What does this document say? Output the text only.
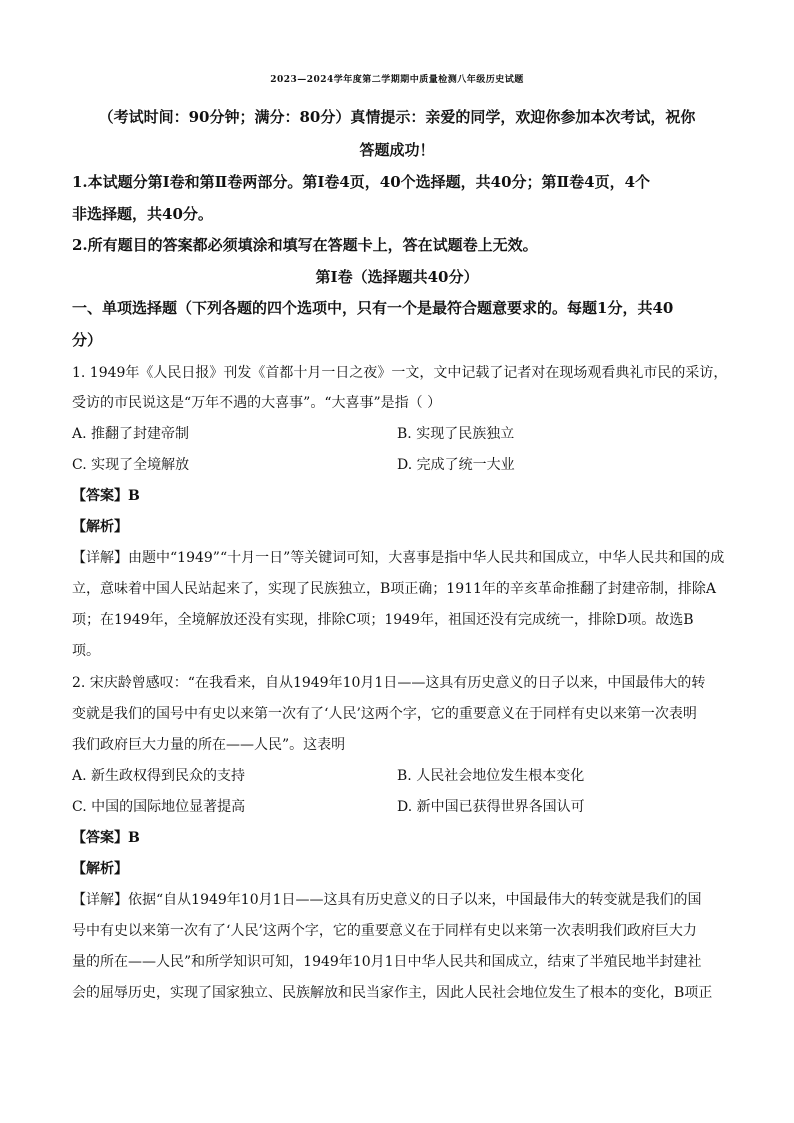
2023—2024学年度第二学期期中质量检测八年级历史试题
（考试时间：90分钟；满分：80分）真情提示：亲爱的同学，欢迎你参加本次考试，祝你
答题成功！
1.本试题分第Ⅰ卷和第Ⅱ卷两部分。第Ⅰ卷4页，40个选择题，共40分；第Ⅱ卷4页，4个
非选择题，共40分。
2.所有题目的答案都必须填涂和填写在答题卡上，答在试题卷上无效。
第Ⅰ卷（选择题共40分）
一、单项选择题（下列各题的四个选项中，只有一个是最符合题意要求的。每题1分，共40
分）
1. 1949年《人民日报》刊发《首都十月一日之夜》一文，文中记载了记者对在现场观看典礼市民的采访，
受访的市民说这是“万年不遇的大喜事”。“大喜事”是指（ ）
A. 推翻了封建帝制	B. 实现了民族独立
C. 实现了全境解放	D. 完成了统一大业
【答案】B
【解析】
【详解】由题中“1949”“十月一日”等关键词可知，大喜事是指中华人民共和国成立，中华人民共和国的成
立，意味着中国人民站起来了，实现了民族独立，B项正确；1911年的辛亥革命推翻了封建帝制，排除A
项；在1949年，全境解放还没有实现，排除C项；1949年，祖国还没有完成统一，排除D项。故选B
项。
2. 宋庆龄曾感叹：“在我看来，自从1949年10月1日——这具有历史意义的日子以来，中国最伟大的转
变就是我们的国号中有史以来第一次有了‘人民’这两个字，它的重要意义在于同样有史以来第一次表明
我们政府巨大力量的所在——人民”。这表明
A. 新生政权得到民众的支持	B. 人民社会地位发生根本变化
C. 中国的国际地位显著提高	D. 新中国已获得世界各国认可
【答案】B
【解析】
【详解】依据“自从1949年10月1日——这具有历史意义的日子以来，中国最伟大的转变就是我们的国
号中有史以来第一次有了‘人民’这两个字，它的重要意义在于同样有史以来第一次表明我们政府巨大力
量的所在——人民”和所学知识可知，1949年10月1日中华人民共和国成立，结束了半殖民地半封建社
会的屈辱历史，实现了国家独立、民族解放和民当家作主，因此人民社会地位发生了根本的变化，B项正
